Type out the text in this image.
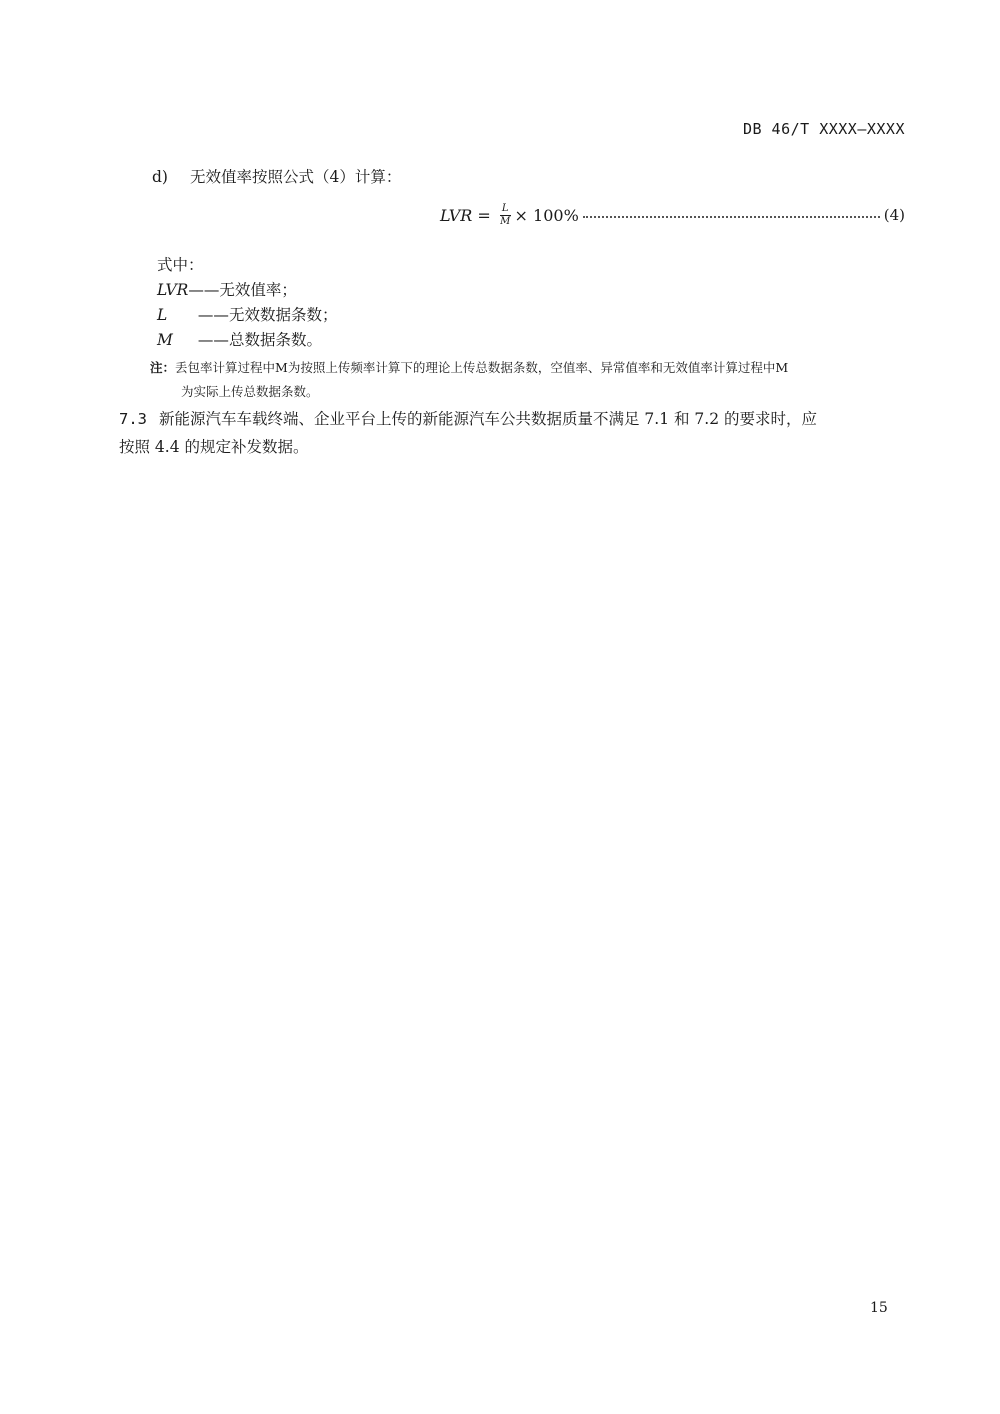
DB 46/T XXXX—XXXX
d) 无效值率按照公式（4）计算：
LVR = $\frac{L}{M} \times 100\%$	(4)
式中：
LVR——无效值率；
L ——无效数据条数；
M ——总数据条数。
注：丢包率计算过程中M为按照上传频率计算下的理论上传总数据条数，空值率、异常值率和无效值率计算过程中M
为实际上传总数据条数。
7.3 新能源汽车车载终端、企业平台上传的新能源汽车公共数据质量不满足 7.1 和 7.2 的要求时，应
按照 4.4 的规定补发数据。
15
